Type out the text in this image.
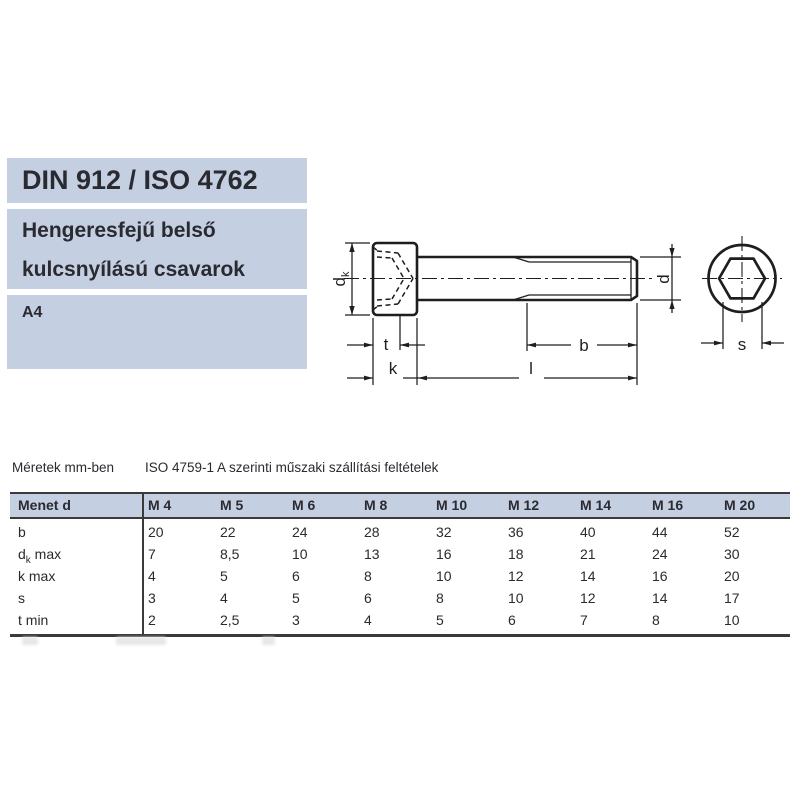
DIN 912 / ISO 4762
Hengeresfejű belső
kulcsnyílású csavarok
A4
$d_k$
t
k	l
b
d
s
Méretek mm-ben ISO 4759-1 A szerinti műszaki szállítási feltételek
Menet d	M 4	M 5	M 6	M 8	M 10	M 12	M 14	M 16	M 20
b	20	22	24	28	32	36	40	44	52
$d_k$ max	7	8,5	10	13	16	18	21	24	30
k max	4	5	6	8	10	12	14	16	20
s	3	4	5	6	8	10	12	14	17
t min	2	2,5	3	4	5	6	7	8	10
